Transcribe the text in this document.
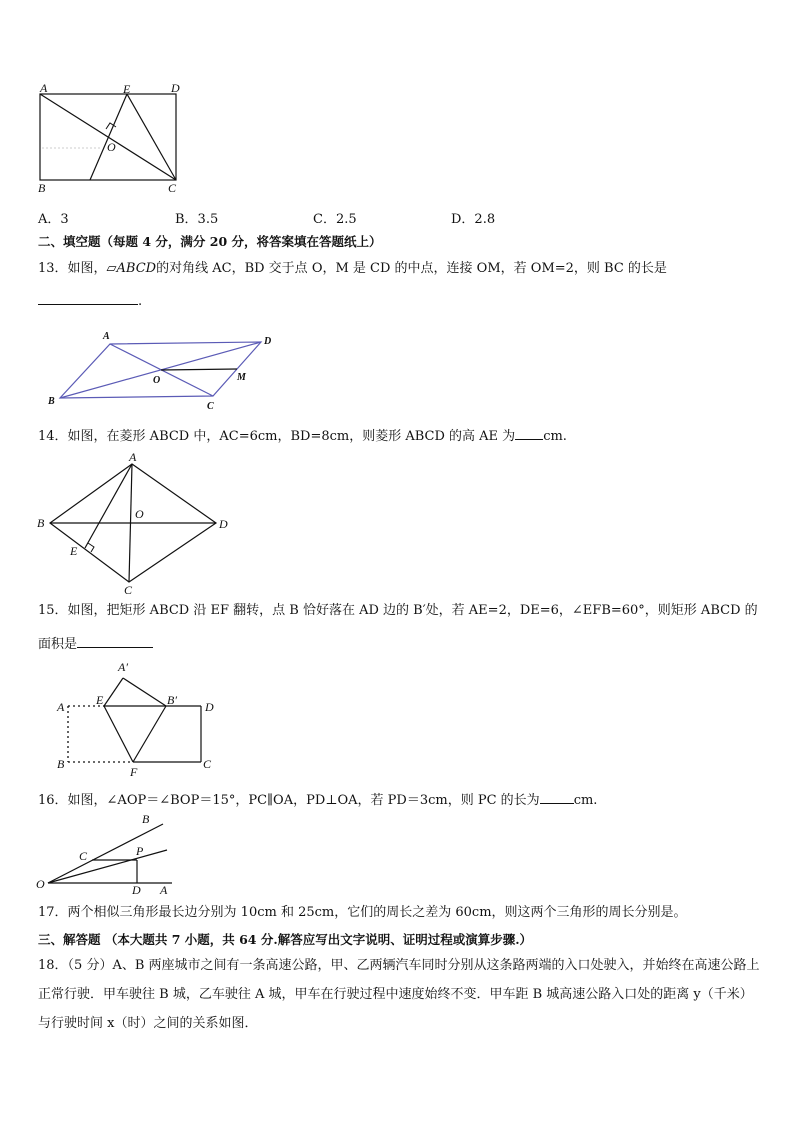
A	E	D
O
B	C
A．3	B．3.5	C．2.5	D．2.8
二、填空题（每题 4 分，满分 20 分，将答案填在答题纸上）
13．如图，▱ABCD的对角线 AC，BD 交于点 O，M 是 CD 的中点，连接 OM，若 OM=2，则 BC 的长是
.
A	D
O	M
B	C
14．如图，在菱形 ABCD 中，AC=6cm，BD=8cm，则菱形 ABCD 的高 AE 为 cm.
A
B
O
D
E
C
15．如图，把矩形 ABCD 沿 EF 翻转，点 B 恰好落在 AD 边的 B′处，若 AE=2，DE=6，∠EFB=60°，则矩形 ABCD 的
面积是
A′
A	E	B′ D
B
F
C
16．如图，∠AOP＝∠BOP＝15°，PC∥OA，PD⊥OA，若 PD＝3cm，则 PC 的长为	cm.
B
C	P
O	D A
17．两个相似三角形最长边分别为 10cm 和 25cm，它们的周长之差为 60cm，则这两个三角形的周长分别是。
三、解答题 （本大题共 7 小题，共 64 分.解答应写出文字说明、证明过程或演算步骤.）
18．（5 分）A、B 两座城市之间有一条高速公路，甲、乙两辆汽车同时分别从这条路两端的入口处驶入，并始终在高速公路上正常行驶．甲车驶往 B 城，乙车驶往 A 城，甲车在行驶过程中速度始终不变．甲车距 B 城高速公路入口处的距离 y（千米）与行驶时间 x（时）之间的关系如图．
